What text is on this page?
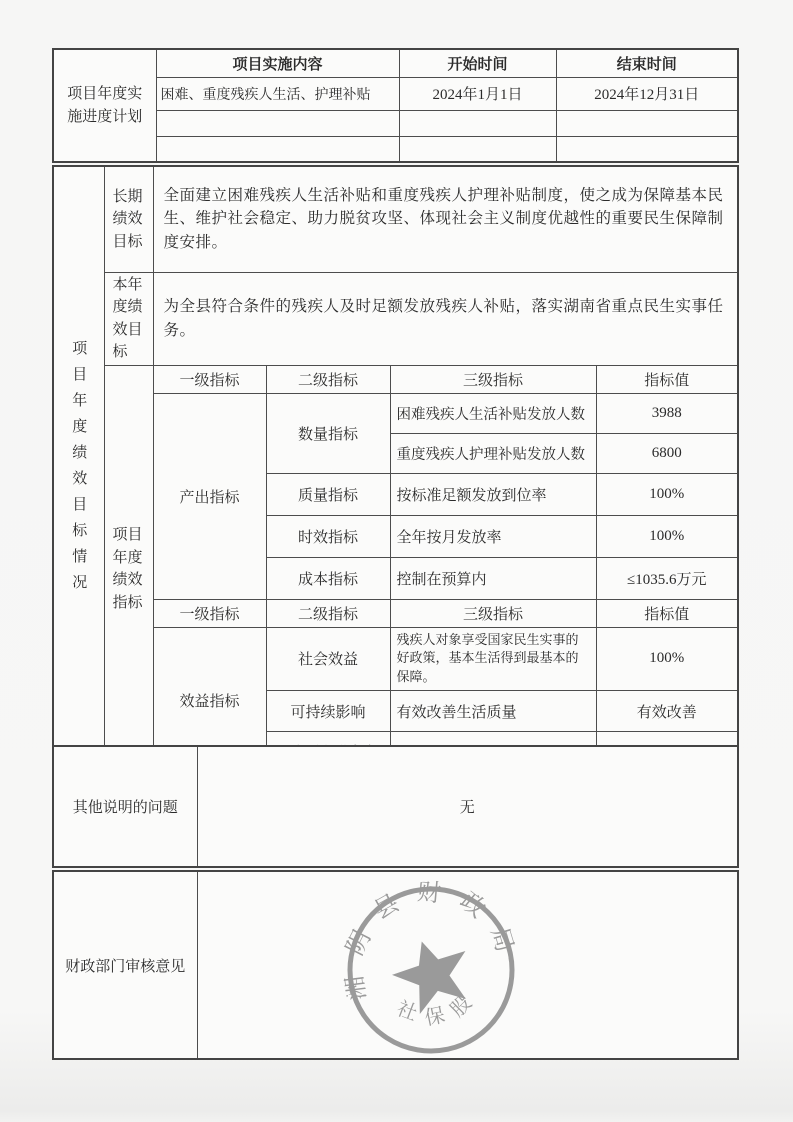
项目年度实施进度计划	项目实施内容	开始时间	结束时间
	困难、重度残疾人生活、护理补贴	2024年1月1日	2024年12月31日

项目年度绩效目标情况	长期绩效目标	全面建立困难残疾人生活补贴和重度残疾人护理补贴制度，使之成为保障基本民生、维护社会稳定、助力脱贫攻坚、体现社会主义制度优越性的重要民生保障制度安排。			
	本年度绩效目标	为全县符合条件的残疾人及时足额发放残疾人补贴，落实湖南省重点民生实事任务。			
	项目年度绩效指标	一级指标	二级指标	三级指标	指标值
		产出指标	数量指标	困难残疾人生活补贴发放人数	3988
				重度残疾人护理补贴发放人数	6800
			质量指标	按标准足额发放到位率	100%
			时效指标	全年按月发放率	100%
			成本指标	控制在预算内	≤1035.6万元
		一级指标	二级指标	三级指标	指标值
		效益指标	社会效益	残疾人对象享受国家民生实事的好政策，基本生活得到最基本的保障。	100%
			可持续影响	有效改善生活质量	有效改善

其他说明的问题	无
财政部门审核意见		湘阴县财政局
社保股
